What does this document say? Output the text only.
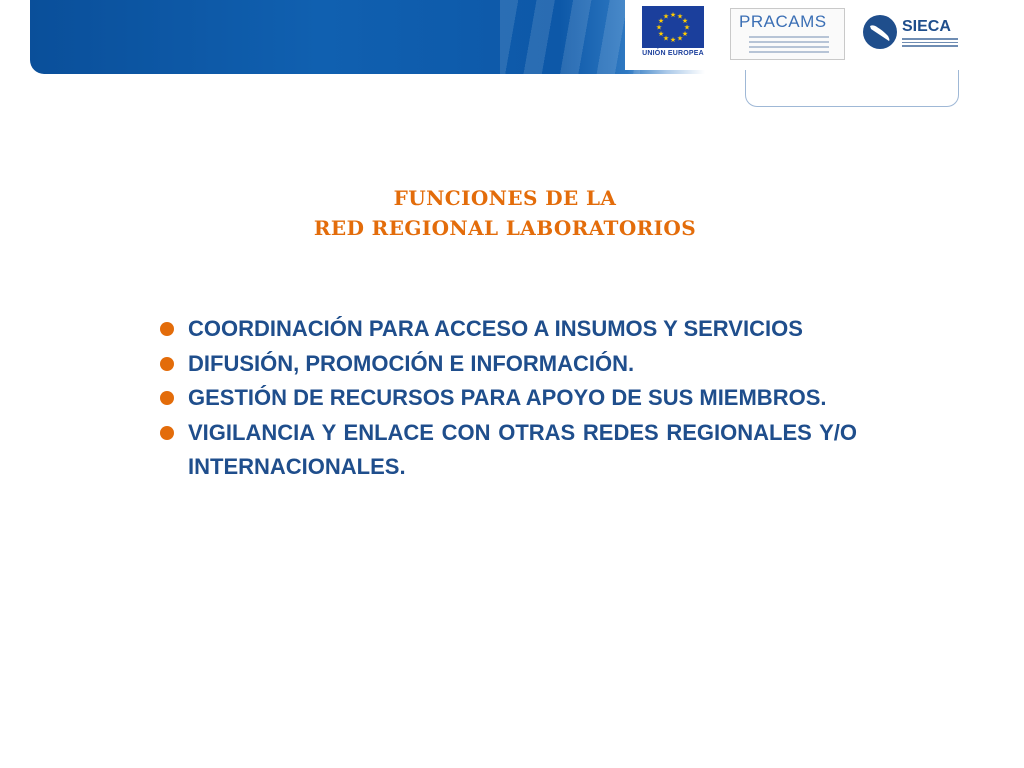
★ ★
★
★
★
★
★
★
★
★
★
★
UNIÓN EUROPEA
PRACAMS	SIECA
FUNCIONES DE LA
RED REGIONAL LABORATORIOS
COORDINACIÓN PARA ACCESO A INSUMOS Y SERVICIOS
DIFUSIÓN, PROMOCIÓN E INFORMACIÓN.
GESTIÓN DE RECURSOS PARA APOYO DE SUS MIEMBROS.
VIGILANCIA Y ENLACE CON OTRAS REDES REGIONALES Y/O INTERNACIONALES.
